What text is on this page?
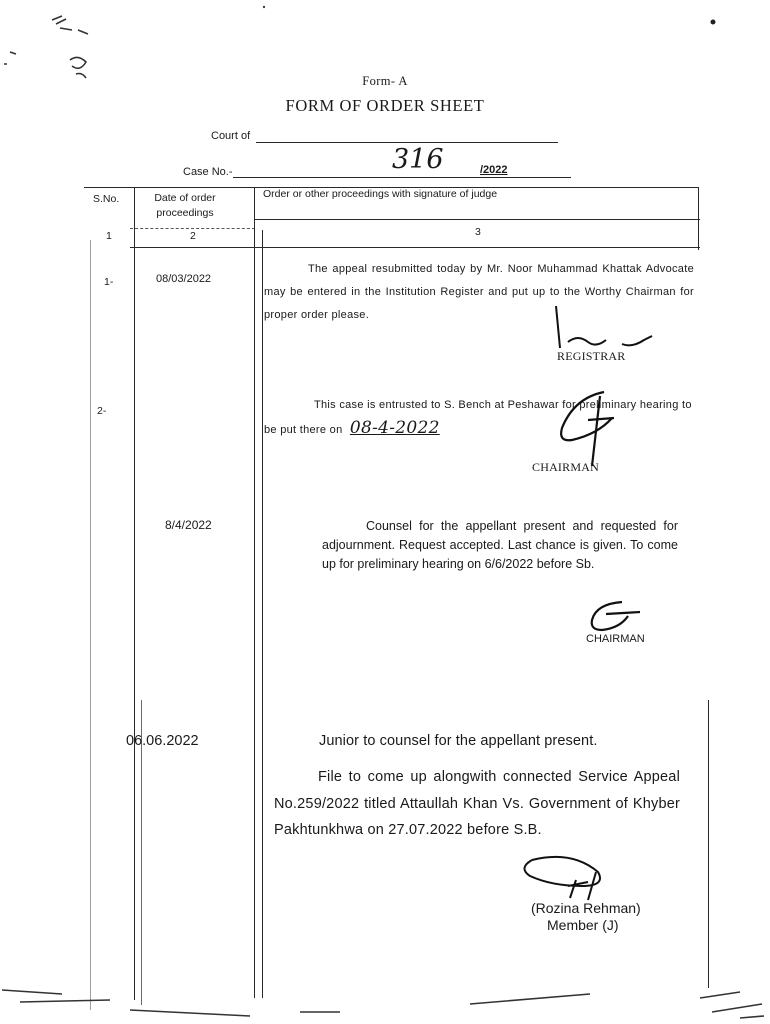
Form- A
FORM OF ORDER SHEET
Court of
Case No.-	316	/2022
S.No.	Date of order proceedings
Order or other proceedings with signature of judge
1	2	3
1-	08/03/2022
The appeal resubmitted today by Mr. Noor Muhammad Khattak Advocate may be entered in the Institution Register and put up to the Worthy Chairman for proper order please.
REGISTRAR
2-	This case is entrusted to S. Bench at Peshawar for preliminary hearing to be put there on 08-4-2022
CHAIRMAN
8/4/2022	Counsel for the appellant present and requested for adjournment. Request accepted. Last chance is given. To come up for preliminary hearing on 6/6/2022 before Sb.
CHAIRMAN
06.06.2022	Junior to counsel for the appellant present.
File to come up alongwith connected Service Appeal No.259/2022 titled Attaullah Khan Vs. Government of Khyber Pakhtunkhwa on 27.07.2022 before S.B.
(Rozina Rehman)
Member (J)
